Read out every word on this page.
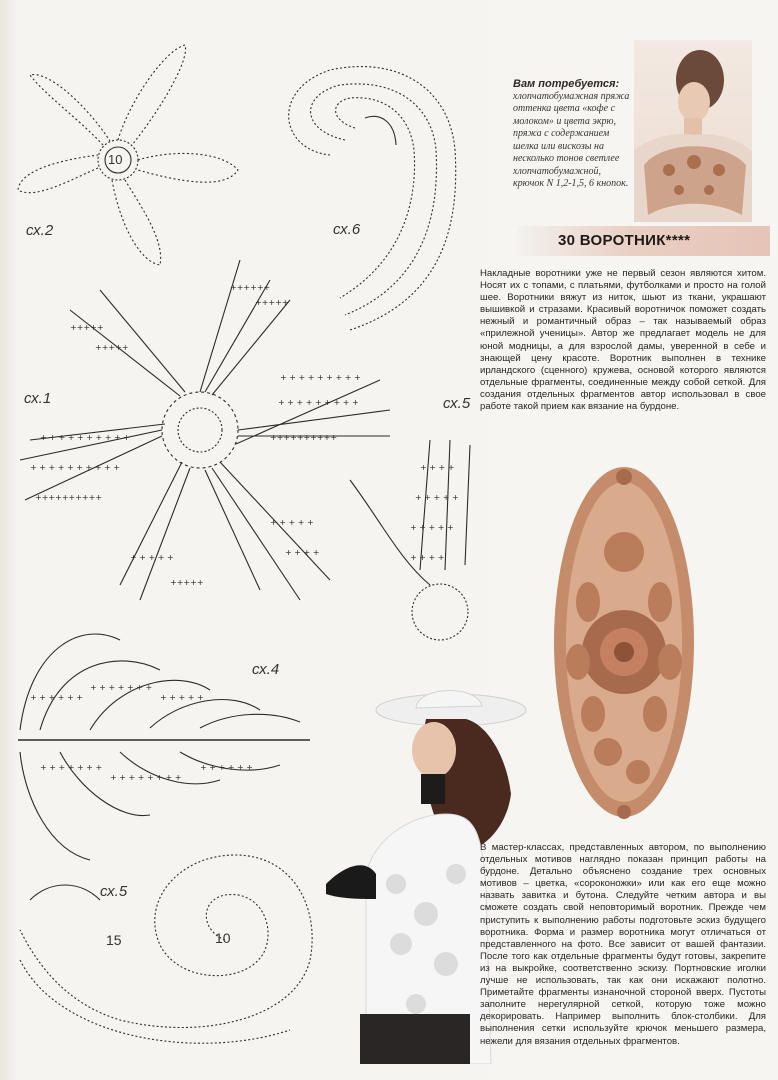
++++++
+++++
+ + + + + + + + +
+ + + + + + + + +
++++++++++
+ + + + + + + + + +
+ + + + + + + + + +
++++++++++
+++++
+++++
+ + + + +
+++++
+ + + + +
+ + + +
+ + + +
+ + + + +
+ + + + +
+ + + +
+ + + + + +
+ + + + + + +
+ + + + +
+ + + + + + +
+ + + + + + + +
+ + + + + +
сх.2	сх.6
сх.1	сх.5
сх.4
сх.5
10
15	10
Вам потребуется:
хлопчатобумажная пряжа оттенка цвета «кофе с молоком» и цвета экрю, пряжа с содержанием шелка или вискозы на несколько тонов светлее хлопчатобумажной, крючок N 1,2-1,5, 6 кнопок.
30 ВОРОТНИК****
Накладные воротники уже не первый сезон являются хитом. Носят их с топами, с платьями, футболками и просто на голой шее. Воротники вяжут из ниток, шьют из ткани, украшают вышивкой и стразами. Красивый воротничок поможет создать нежный и романтичный образ – так называемый образ «прилежной ученицы». Автор же предлагает модель не для юной модницы, а для взрослой дамы, уверенной в себе и знающей цену красоте. Воротник выполнен в технике ирландского (сценного) кружева, основой которого являются отдельные фрагменты, соединенные между собой сеткой. Для создания отдельных фрагментов автор использовал в свое работе такой прием как вязание на бурдоне.
В мастер-классах, представленных автором, по выполнению отдельных мотивов наглядно показан принцип работы на бурдоне. Детально объяснено создание трех основных мотивов – цветка, «сороконожки» или как его еще можно назвать завитка и бутона. Следуйте четким автора и вы сможете создать свой неповторимый воротник. Прежде чем приступить к выполнению работы подготовьте эскиз будущего воротника. Форма и размер воротника могут отличаться от представленного на фото. Все зависит от вашей фантазии. После того как отдельные фрагменты будут готовы, закрепите из на выкройке, соответственно эскизу. Портновские иголки лучше не использовать, так как они искажают полотно. Приметайте фрагменты изнаночной стороной вверх. Пустоты заполните нерегулярной сеткой, которую тоже можно декорировать. Например выполнить блок-столбики. Для выполнения сетки используйте крючок меньшего размера, нежели для вязания отдельных фрагментов.
